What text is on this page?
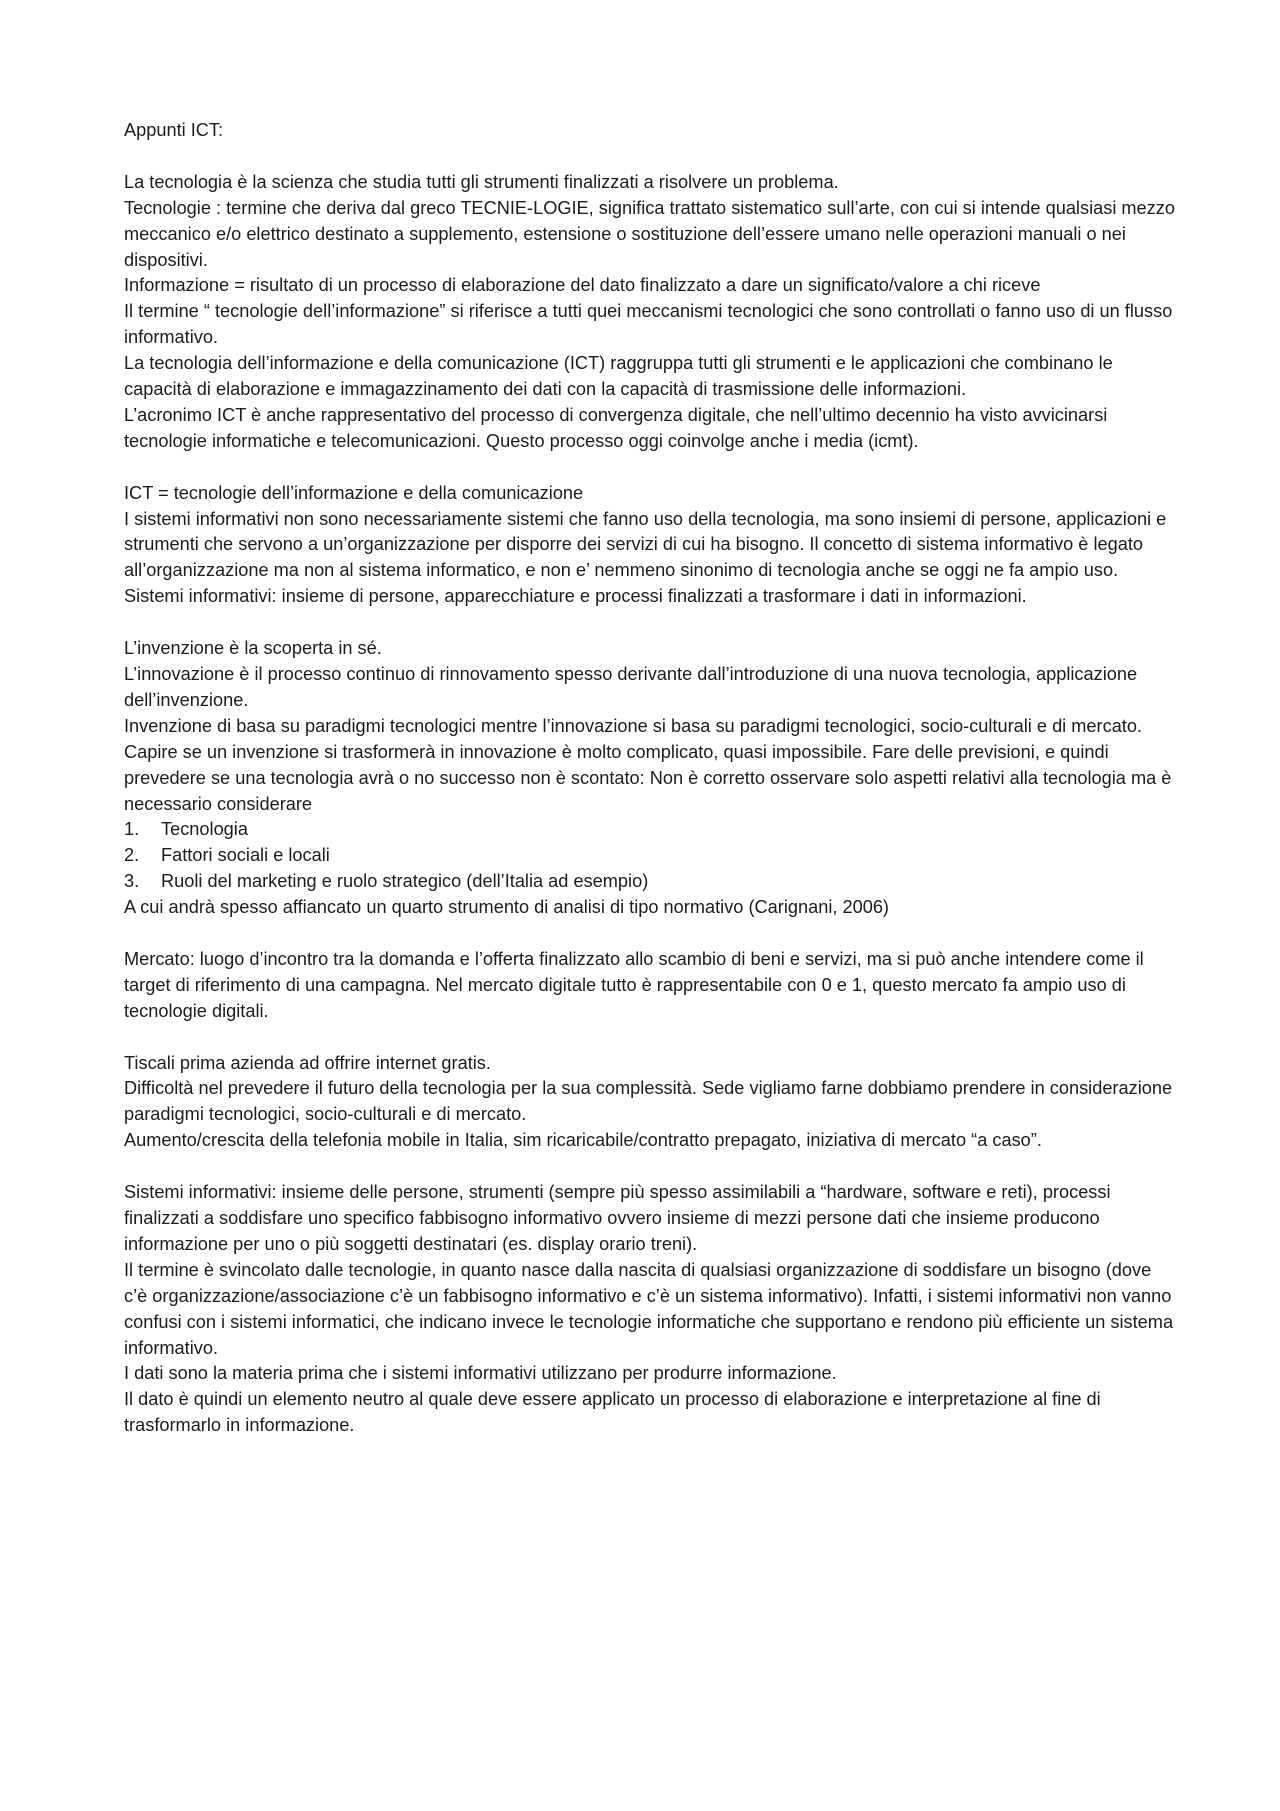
Appunti ICT:

La tecnologia è la scienza che studia tutti gli strumenti finalizzati a risolvere un problema.

Tecnologie : termine che deriva dal greco TECNIE-LOGIE, significa trattato sistematico sull’arte, con cui si intende qualsiasi mezzo meccanico e/o elettrico destinato a supplemento, estensione o sostituzione dell’essere umano nelle operazioni manuali o nei dispositivi.

Informazione = risultato di un processo di elaborazione del dato finalizzato a dare un significato/valore a chi riceve

Il termine “ tecnologie dell’informazione” si riferisce a tutti quei meccanismi tecnologici che sono controllati o fanno uso di un flusso informativo.

La tecnologia dell’informazione e della comunicazione (ICT) raggruppa tutti gli strumenti e le applicazioni che combinano le capacità di elaborazione e immagazzinamento dei dati con la capacità di trasmissione delle informazioni.

L’acronimo ICT è anche rappresentativo del processo di convergenza digitale, che nell’ultimo decennio ha visto avvicinarsi tecnologie informatiche e telecomunicazioni. Questo processo oggi coinvolge anche i media (icmt).

ICT = tecnologie dell’informazione e della comunicazione

I sistemi informativi non sono necessariamente sistemi che fanno uso della tecnologia, ma sono insiemi di persone, applicazioni e strumenti che servono a un’organizzazione per disporre dei servizi di cui ha bisogno. Il concetto di sistema informativo è legato all’organizzazione ma non al sistema informatico, e non e’ nemmeno sinonimo di tecnologia anche se oggi ne fa ampio uso.

Sistemi informativi: insieme di persone, apparecchiature e processi finalizzati a trasformare i dati in informazioni.

L’invenzione è la scoperta in sé.

L’innovazione è il processo continuo di rinnovamento spesso derivante dall’introduzione di una nuova tecnologia, applicazione dell’invenzione.

Invenzione di basa su paradigmi tecnologici mentre l’innovazione si basa su paradigmi tecnologici, socio-culturali e di mercato.

Capire se un invenzione si trasformerà in innovazione è molto complicato, quasi impossibile. Fare delle previsioni, e quindi prevedere se una tecnologia avrà o no successo non è scontato: Non è corretto osservare solo aspetti relativi alla tecnologia ma è necessario considerare

1.	Tecnologia
2.	Fattori sociali e locali
3.	Ruoli del marketing e ruolo strategico (dell’Italia ad esempio)

A cui andrà spesso affiancato un quarto strumento di analisi di tipo normativo (Carignani, 2006)

Mercato: luogo d’incontro tra la domanda e l’offerta finalizzato allo scambio di beni e servizi, ma si può anche intendere come il target di riferimento di una campagna. Nel mercato digitale tutto è rappresentabile con 0 e 1, questo mercato fa ampio uso di tecnologie digitali.

Tiscali prima azienda ad offrire internet gratis.

Difficoltà nel prevedere il futuro della tecnologia per la sua complessità. Sede vigliamo farne dobbiamo prendere in considerazione paradigmi tecnologici, socio-culturali e di mercato.

Aumento/crescita della telefonia mobile in Italia, sim ricaricabile/contratto prepagato, iniziativa di mercato “a caso”.

Sistemi informativi: insieme delle persone, strumenti (sempre più spesso assimilabili a “hardware, software e reti), processi finalizzati a soddisfare uno specifico fabbisogno informativo ovvero insieme di mezzi persone dati che insieme producono informazione per uno o più soggetti destinatari (es. display orario treni).

Il termine è svincolato dalle tecnologie, in quanto nasce dalla nascita di qualsiasi organizzazione di soddisfare un bisogno (dove c’è organizzazione/associazione c’è un fabbisogno informativo e c’è un sistema informativo). Infatti, i sistemi informativi non vanno confusi con i sistemi informatici, che indicano invece le tecnologie informatiche che supportano e rendono più efficiente un sistema informativo.

I dati sono la materia prima che i sistemi informativi utilizzano per produrre informazione.

Il dato è quindi un elemento neutro al quale deve essere applicato un processo di elaborazione e interpretazione al fine di trasformarlo in informazione.
